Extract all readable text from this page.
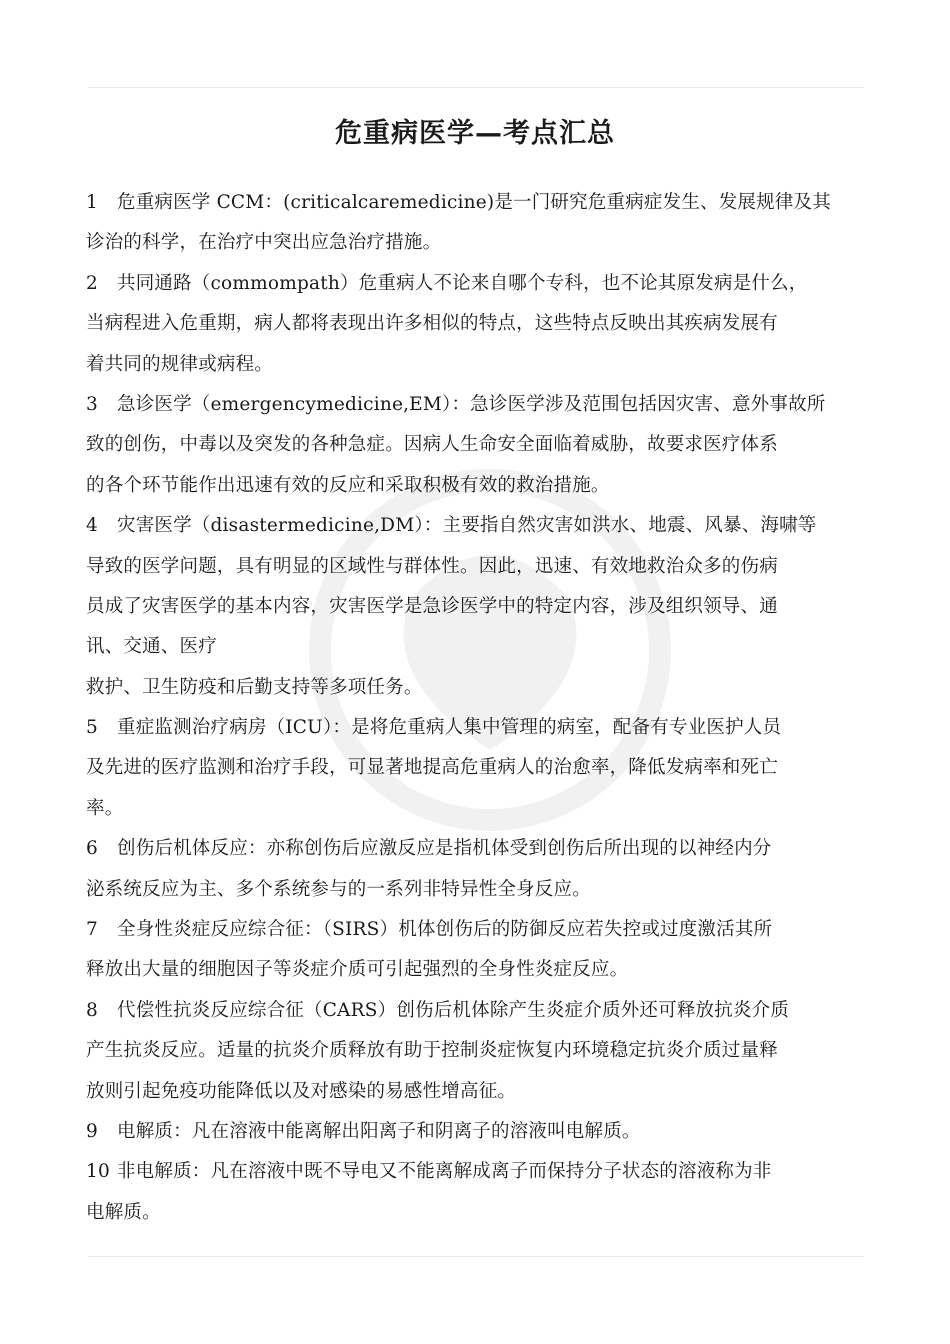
危重病医学—考点汇总
1 危重病医学 CCM：(criticalcaremedicine)是一门研究危重病症发生、发展规律及其
诊治的科学，在治疗中突出应急治疗措施。
2 共同通路（commompath）危重病人不论来自哪个专科，也不论其原发病是什么，
当病程进入危重期，病人都将表现出许多相似的特点，这些特点反映出其疾病发展有
着共同的规律或病程。
3 急诊医学（emergencymedicine,EM）：急诊医学涉及范围包括因灾害、意外事故所
致的创伤，中毒以及突发的各种急症。因病人生命安全面临着威胁，故要求医疗体系
的各个环节能作出迅速有效的反应和采取积极有效的救治措施。
4 灾害医学（disastermedicine,DM）：主要指自然灾害如洪水、地震、风暴、海啸等
导致的医学问题，具有明显的区域性与群体性。因此，迅速、有效地救治众多的伤病
员成了灾害医学的基本内容，灾害医学是急诊医学中的特定内容，涉及组织领导、通
讯、交通、医疗
救护、卫生防疫和后勤支持等多项任务。
5 重症监测治疗病房（ICU）：是将危重病人集中管理的病室，配备有专业医护人员
及先进的医疗监测和治疗手段，可显著地提高危重病人的治愈率，降低发病率和死亡
率。
6 创伤后机体反应：亦称创伤后应激反应是指机体受到创伤后所出现的以神经内分
泌系统反应为主、多个系统参与的一系列非特异性全身反应。
7 全身性炎症反应综合征：（SIRS）机体创伤后的防御反应若失控或过度激活其所
释放出大量的细胞因子等炎症介质可引起强烈的全身性炎症反应。
8 代偿性抗炎反应综合征（CARS）创伤后机体除产生炎症介质外还可释放抗炎介质
产生抗炎反应。适量的抗炎介质释放有助于控制炎症恢复内环境稳定抗炎介质过量释
放则引起免疫功能降低以及对感染的易感性增高征。
9 电解质：凡在溶液中能离解出阳离子和阴离子的溶液叫电解质。
10 非电解质：凡在溶液中既不导电又不能离解成离子而保持分子状态的溶液称为非
电解质。
